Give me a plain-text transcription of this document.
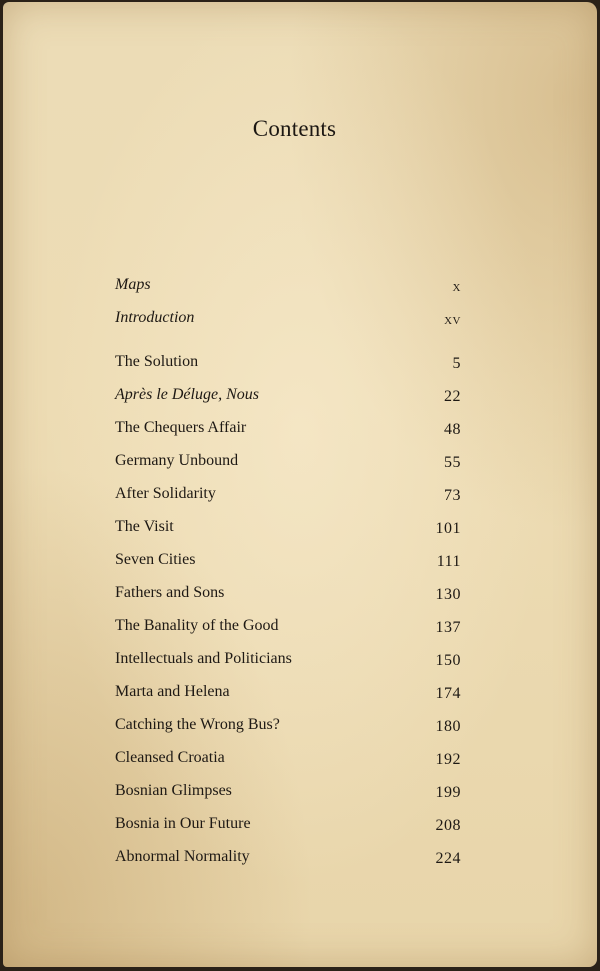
Contents
Maps	x
Introduction	xv
The Solution	5
Après le Déluge, Nous	22
The Chequers Affair	48
Germany Unbound	55
After Solidarity	73
The Visit	101
Seven Cities	111
Fathers and Sons	130
The Banality of the Good	137
Intellectuals and Politicians	150
Marta and Helena	174
Catching the Wrong Bus?	180
Cleansed Croatia	192
Bosnian Glimpses	199
Bosnia in Our Future	208
Abnormal Normality	224
